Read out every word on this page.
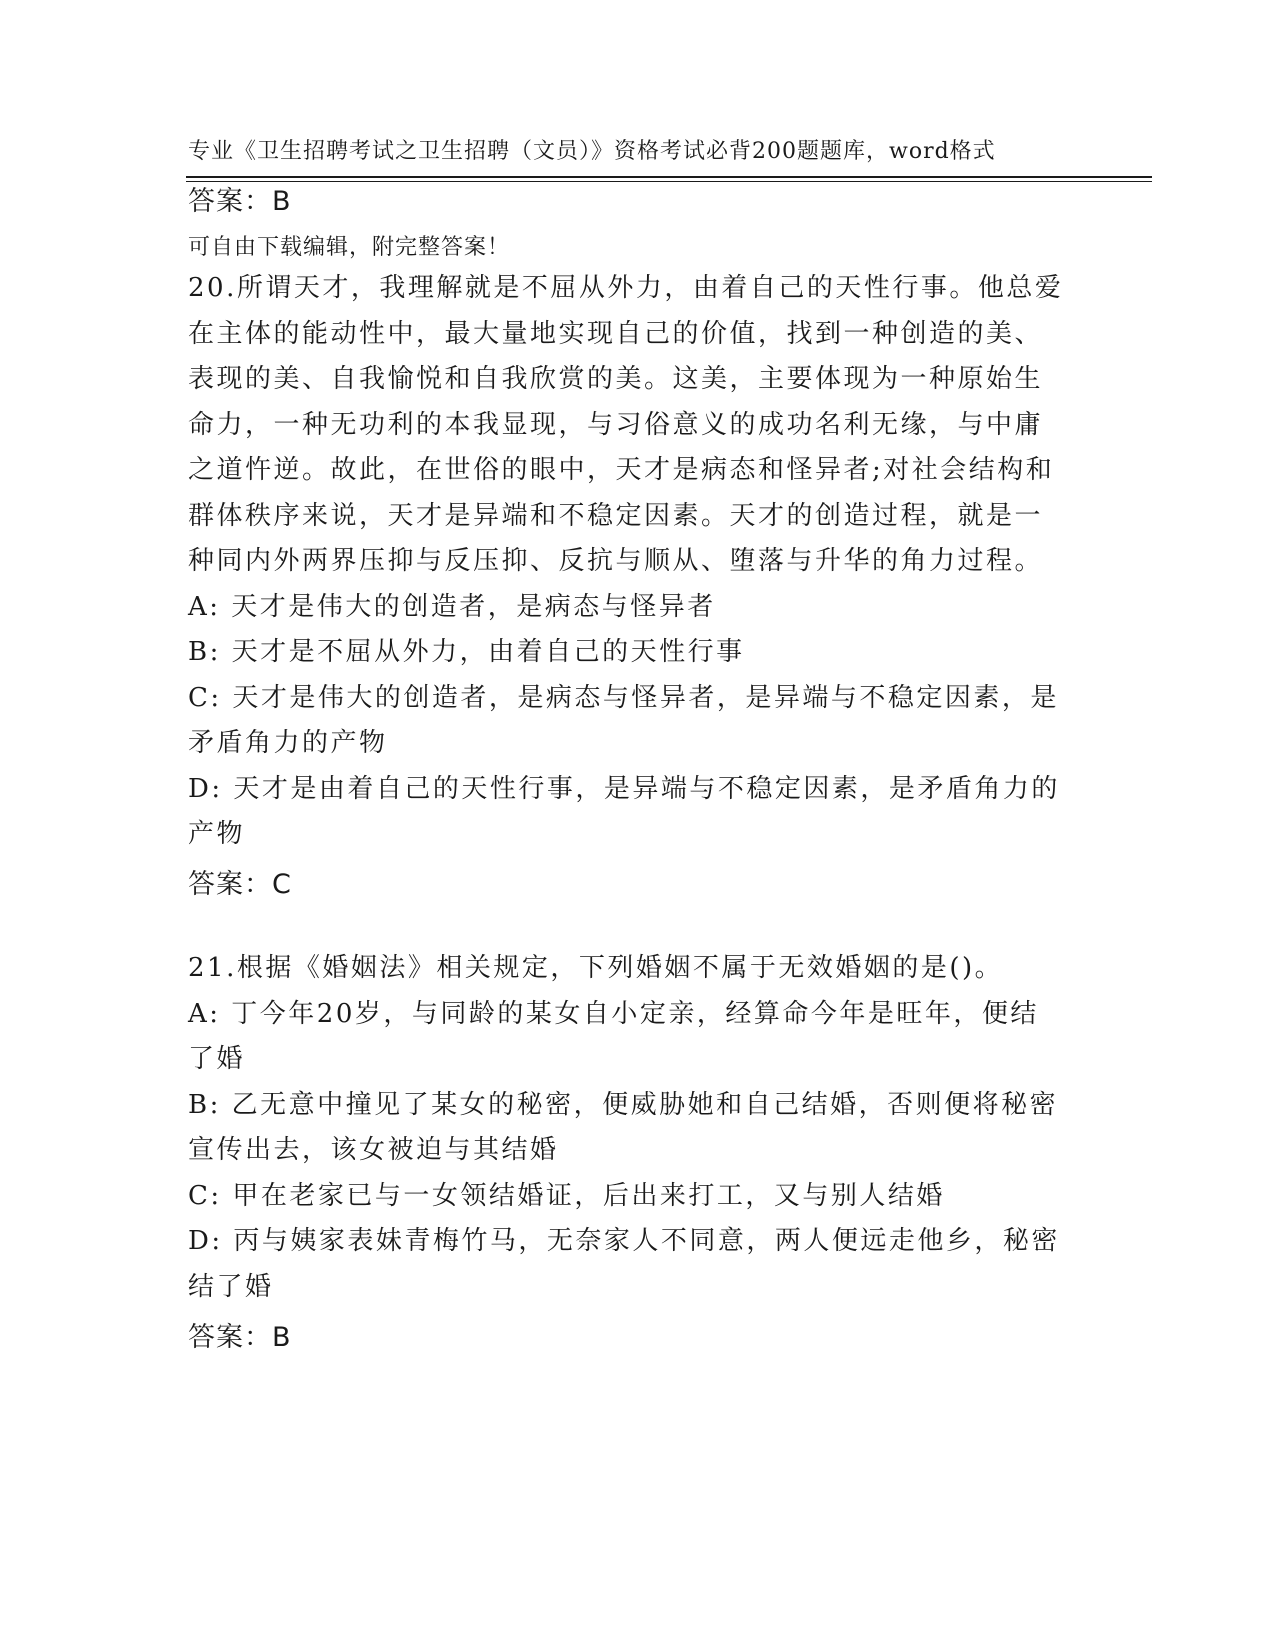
专业《卫生招聘考试之卫生招聘（文员）》资格考试必背200题题库，word格式

可自由下载编辑，附完整答案！

答案：B
20.所谓天才，我理解就是不屈从外力，由着自己的天性行事。他总爱
在主体的能动性中，最大量地实现自己的价值，找到一种创造的美、
表现的美、自我愉悦和自我欣赏的美。这美，主要体现为一种原始生
命力，一种无功利的本我显现，与习俗意义的成功名利无缘，与中庸
之道忤逆。故此，在世俗的眼中，天才是病态和怪异者;对社会结构和
群体秩序来说，天才是异端和不稳定因素。天才的创造过程，就是一
种同内外两界压抑与反压抑、反抗与顺从、堕落与升华的角力过程。
A: 天才是伟大的创造者，是病态与怪异者
B: 天才是不屈从外力，由着自己的天性行事
C: 天才是伟大的创造者，是病态与怪异者，是异端与不稳定因素，是
矛盾角力的产物
D: 天才是由着自己的天性行事，是异端与不稳定因素，是矛盾角力的
产物
答案：C
21.根据《婚姻法》相关规定，下列婚姻不属于无效婚姻的是()。
A: 丁今年20岁，与同龄的某女自小定亲，经算命今年是旺年，便结
了婚
B: 乙无意中撞见了某女的秘密，便威胁她和自己结婚，否则便将秘密
宣传出去，该女被迫与其结婚
C: 甲在老家已与一女领结婚证，后出来打工，又与别人结婚
D: 丙与姨家表妹青梅竹马，无奈家人不同意，两人便远走他乡，秘密
结了婚
答案：B
